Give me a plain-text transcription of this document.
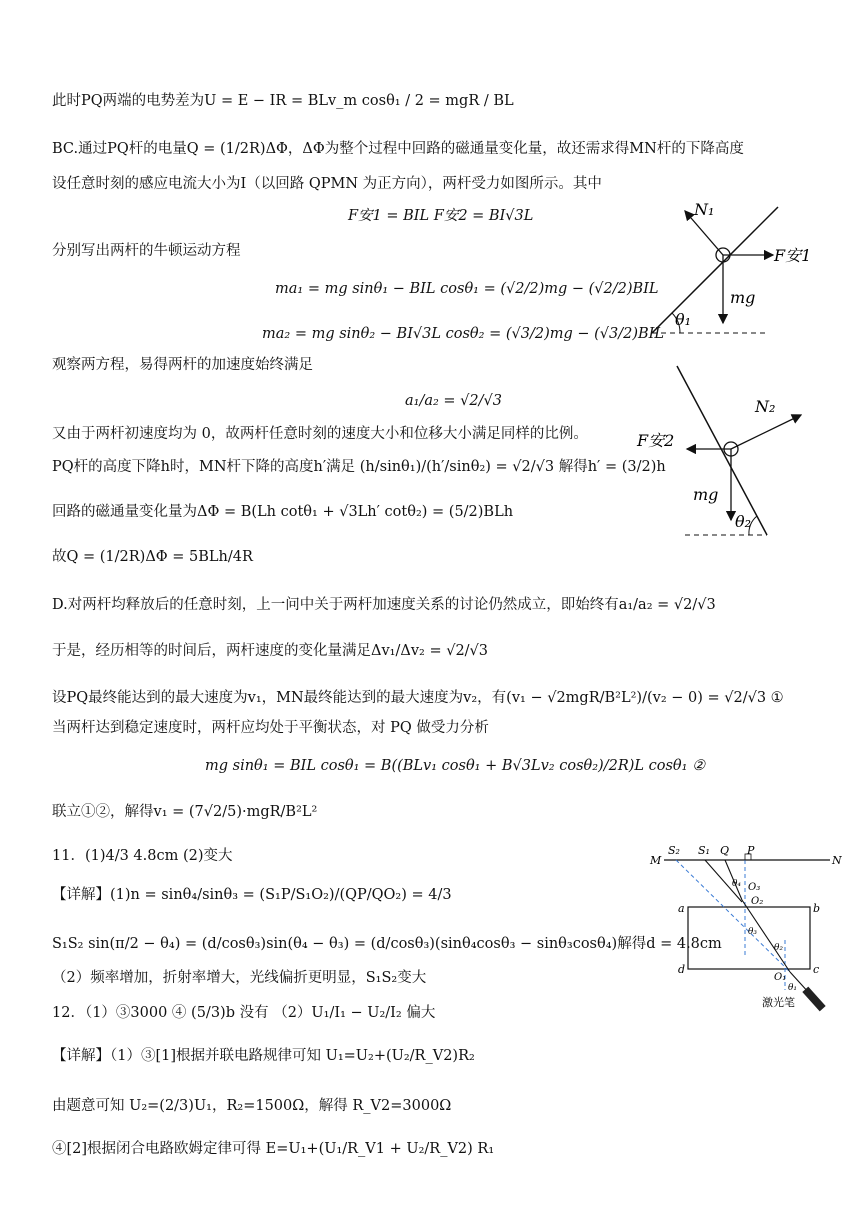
此时PQ两端的电势差为U = E − IR = BLv_m cosθ₁ / 2 = mgR / BL
BC.通过PQ杆的电量Q = (1/2R)ΔΦ，ΔΦ为整个过程中回路的磁通量变化量，故还需求得MN杆的下降高度
设任意时刻的感应电流大小为I（以回路 QPMN 为正方向），两杆受力如图所示。其中
F安1 = BIL F安2 = BI√3L
分别写出两杆的牛顿运动方程
ma₁ = mg sinθ₁ − BIL cosθ₁ = (√2/2)mg − (√2/2)BIL
ma₂ = mg sinθ₂ − BI√3L cosθ₂ = (√3/2)mg − (√3/2)BIL
观察两方程，易得两杆的加速度始终满足
a₁/a₂ = √2/√3
又由于两杆初速度均为 0，故两杆任意时刻的速度大小和位移大小满足同样的比例。
PQ杆的高度下降h时，MN杆下降的高度h′满足 (h/sinθ₁)/(h′/sinθ₂) = √2/√3 解得h′ = (3/2)h
回路的磁通量变化量为ΔΦ = B(Lh cotθ₁ + √3Lh′ cotθ₂) = (5/2)BLh
故Q = (1/2R)ΔΦ = 5BLh/4R
D.对两杆均释放后的任意时刻，上一问中关于两杆加速度关系的讨论仍然成立，即始终有a₁/a₂ = √2/√3
于是，经历相等的时间后，两杆速度的变化量满足Δv₁/Δv₂ = √2/√3
设PQ最终能达到的最大速度为v₁，MN最终能达到的最大速度为v₂，有(v₁ − √2mgR/B²L²)/(v₂ − 0) = √2/√3 ①
当两杆达到稳定速度时，两杆应均处于平衡状态，对 PQ 做受力分析
mg sinθ₁ = BIL cosθ₁ = B((BLv₁ cosθ₁ + B√3Lv₂ cosθ₂)/2R)L cosθ₁ ②
联立①②，解得v₁ = (7√2/5)·mgR/B²L²
11．(1)4/3 4.8cm (2)变大
【详解】(1)n = sinθ₄/sinθ₃ = (S₁P/S₁O₂)/(QP/QO₂) = 4/3
S₁S₂ sin(π/2 − θ₄) = (d/cosθ₃)sin(θ₄ − θ₃) = (d/cosθ₃)(sinθ₄cosθ₃ − sinθ₃cosθ₄)解得d = 4.8cm
（2）频率增加，折射率增大，光线偏折更明显，S₁S₂变大
12．（1）③3000 ④ (5/3)b 没有 （2）U₁/I₁ − U₂/I₂ 偏大
【详解】（1）③[1]根据并联电路规律可知 U₁=U₂+(U₂/R_V2)R₂
由题意可知 U₂=(2/3)U₁，R₂=1500Ω，解得 R_V2=3000Ω
④[2]根据闭合电路欧姆定律可得 E=U₁+(U₁/R_V1 + U₂/R_V2) R₁
N₁
F安1
mg
θ₁
N₂
F安2
mg
θ₂
M
S₂ S₁ Q P
N
a	b
d	c
O₃
O₂
O₁
θ₄
θ₃
θ₂
θ₁
激光笔
